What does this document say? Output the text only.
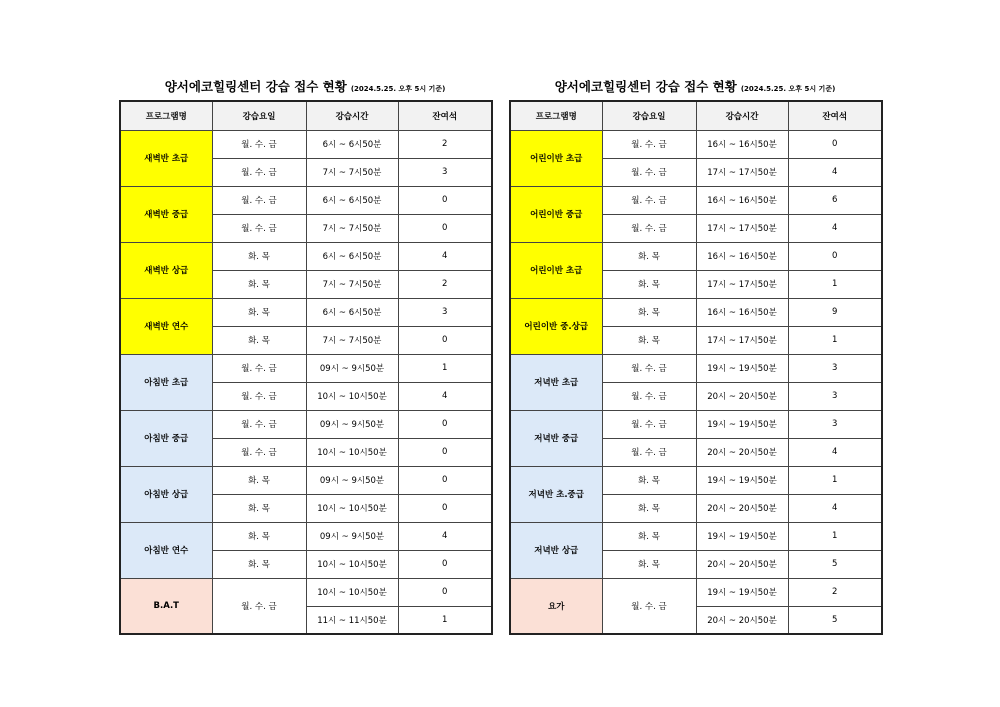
양서에코힐링센터 강습 접수 현황 (2024.5.25. 오후 5시 기준)
프로그램명	강습요일	강습시간	잔여석
새벽반 초급	월. 수. 금	6시 ~ 6시50분	2
	월. 수. 금	7시 ~ 7시50분	3
새벽반 중급	월. 수. 금	6시 ~ 6시50분	0
	월. 수. 금	7시 ~ 7시50분	0
새벽반 상급	화. 목	6시 ~ 6시50분	4
	화. 목	7시 ~ 7시50분	2
새벽반 연수	화. 목	6시 ~ 6시50분	3
	화. 목	7시 ~ 7시50분	0
아침반 초급	월. 수. 금	09시 ~ 9시50분	1
	월. 수. 금	10시 ~ 10시50분	4
아침반 중급	월. 수. 금	09시 ~ 9시50분	0
	월. 수. 금	10시 ~ 10시50분	0
아침반 상급	화. 목	09시 ~ 9시50분	0
	화. 목	10시 ~ 10시50분	0
아침반 연수	화. 목	09시 ~ 9시50분	4
	화. 목	10시 ~ 10시50분	0
B.A.T	월. 수. 금	10시 ~ 10시50분	0
		11시 ~ 11시50분	1
양서에코힐링센터 강습 접수 현황 (2024.5.25. 오후 5시 기준)
프로그램명	강습요일	강습시간	잔여석
어린이반 초급	월. 수. 금	16시 ~ 16시50분	0
	월. 수. 금	17시 ~ 17시50분	4
어린이반 중급	월. 수. 금	16시 ~ 16시50분	6
	월. 수. 금	17시 ~ 17시50분	4
어린이반 초급	화. 목	16시 ~ 16시50분	0
	화. 목	17시 ~ 17시50분	1
어린이반 중.상급	화. 목	16시 ~ 16시50분	9
	화. 목	17시 ~ 17시50분	1
저녁반 초급	월. 수. 금	19시 ~ 19시50분	3
	월. 수. 금	20시 ~ 20시50분	3
저녁반 중급	월. 수. 금	19시 ~ 19시50분	3
	월. 수. 금	20시 ~ 20시50분	4
저녁반 초.중급	화. 목	19시 ~ 19시50분	1
	화. 목	20시 ~ 20시50분	4
저녁반 상급	화. 목	19시 ~ 19시50분	1
	화. 목	20시 ~ 20시50분	5
요가	월. 수. 금	19시 ~ 19시50분	2
		20시 ~ 20시50분	5
